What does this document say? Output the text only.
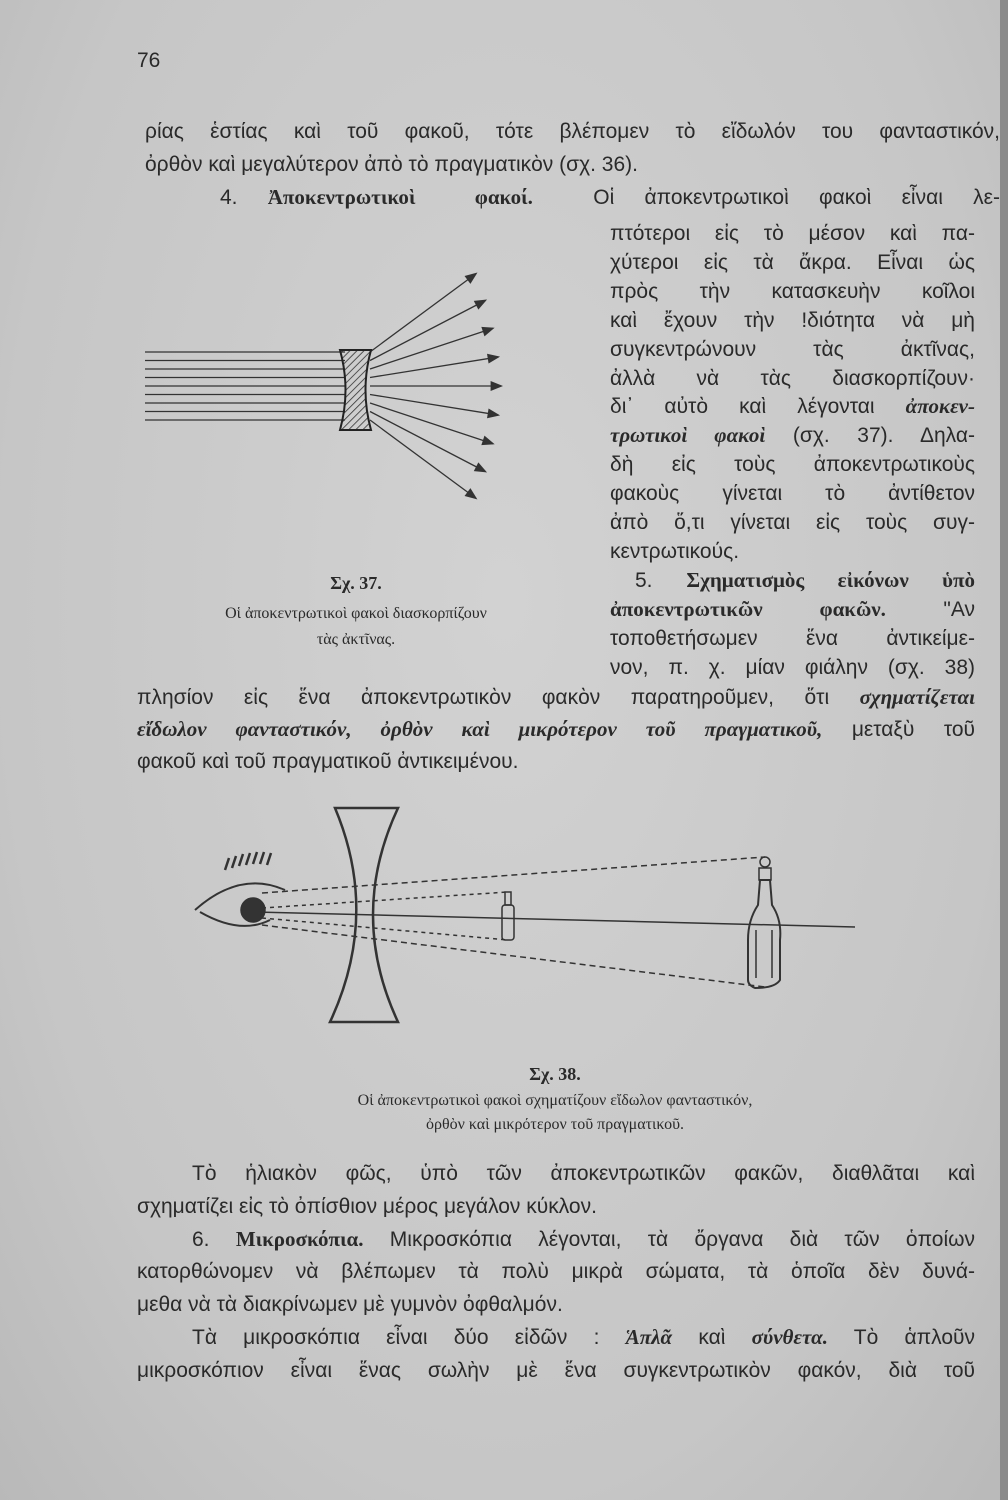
76
ρίας ἑστίας καὶ τοῦ φακοῦ, τότε βλέπομεν τὸ εἴδωλόν του φανταστικόν,
ὀρθὸν καὶ μεγαλύτερον ἀπὸ τὸ πραγματικὸν (σχ. 36).
4. Ἀποκεντρωτικοὶ  φακοί.  Οἱ ἀποκεντρωτικοὶ φακοὶ εἶναι λε-
πτότεροι εἰς τὸ μέσον καὶ πα-
χύτεροι εἰς τὰ ἄκρα. Εἶναι ὡς
πρὸς τὴν κατασκευὴν κοῖλοι
καὶ ἔχουν τὴν !διότητα νὰ μὴ
συγκεντρώνουν τὰς ἀκτῖνας,
ἀλλὰ νὰ τὰς διασκορπίζουν·
δι᾿ αὐτὸ καὶ λέγονται ἀποκεν-
τρωτικοὶ φακοὶ (σχ. 37). Δηλα-
δὴ εἰς τοὺς ἀποκεντρωτικοὺς
φακοὺς γίνεται τὸ ἀντίθετον
ἀπὸ ὅ,τι γίνεται εἰς τοὺς συγ-
κεντρωτικούς.
5. Σχηματισμὸς εἰκόνων ὑπὸ
ἀποκεντρωτικῶν φακῶν. "Αν
τοποθετήσωμεν ἕνα ἀντικείμε-
νον, π. χ. μίαν φιάλην (σχ. 38)
πλησίον εἰς ἕνα ἀποκεντρωτικὸν φακὸν παρατηροῦμεν, ὅτι σχηματίζεται
εἴδωλον φανταστικόν, ὀρθὸν καὶ μικρότερον τοῦ πραγματικοῦ, μεταξὺ τοῦ
φακοῦ καὶ τοῦ πραγματικοῦ ἀντικειμένου.
Τὸ ἡλιακὸν φῶς, ὑπὸ τῶν ἀποκεντρωτικῶν φακῶν, διαθλᾶται καὶ
σχηματίζει εἰς τὸ ὀπίσθιον μέρος μεγάλον κύκλον.
6. Μικροσκόπια. Μικροσκόπια λέγονται, τὰ ὄργανα διὰ τῶν ὁποίων
κατορθώνομεν νὰ βλέπωμεν τὰ πολὺ μικρὰ σώματα, τὰ ὁποῖα δὲν δυνά-
μεθα νὰ τὰ διακρίνωμεν μὲ γυμνὸν ὀφθαλμόν.
Τὰ μικροσκόπια εἶναι δύο εἰδῶν : Ἁπλᾶ καὶ σύνθετα. Τὸ ἁπλοῦν
μικροσκόπιον εἶναι ἕνας σωλὴν μὲ ἕνα συγκεντρωτικὸν φακόν, διὰ τοῦ
Σχ. 37.
Οἱ ἀποκεντρωτικοὶ φακοὶ διασκορπίζουν
τὰς ἀκτῖνας.
Σχ. 38.
Οἱ ἀποκεντρωτικοὶ φακοὶ σχηματίζουν εἴδωλον φανταστικόν,
ὀρθὸν καὶ μικρότερον τοῦ πραγματικοῦ.
